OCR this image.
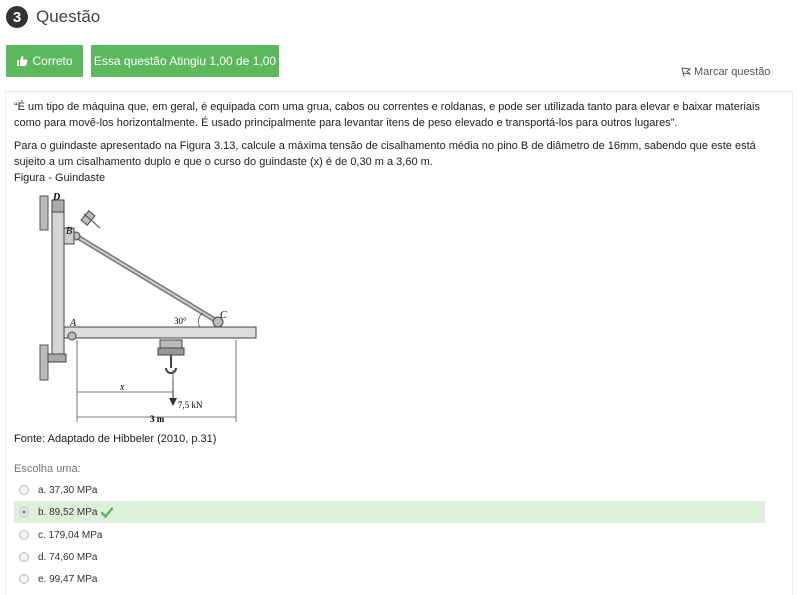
3 Questão
Correto Essa questão Atingiu 1,00 de 1,00
Marcar questão
“É um tipo de máquina que, em geral, é equipada com uma grua, cabos ou correntes e roldanas, e pode ser utilizada tanto para elevar e baixar materiais como para movê-los horizontalmente. É usado principalmente para levantar itens de peso elevado e transportá-los para outros lugares”.
Para o guindaste apresentado na Figura 3.13, calcule a máxima tensão de cisalhamento média no pino B de diâmetro de 16mm, sabendo que este está sujeito a um cisalhamento duplo e que o curso do guindaste (x) é de 0,30 m a 3,60 m.
Figura - Guindaste
D
B
A
C
30°
x
3 m
7,5 kN
Fonte: Adaptado de Hibbeler (2010, p.31)
Escolha uma:
a. 37,30 MPa
b. 89,52 MPa
c. 179,04 MPa
d. 74,60 MPa
e. 99,47 MPa
